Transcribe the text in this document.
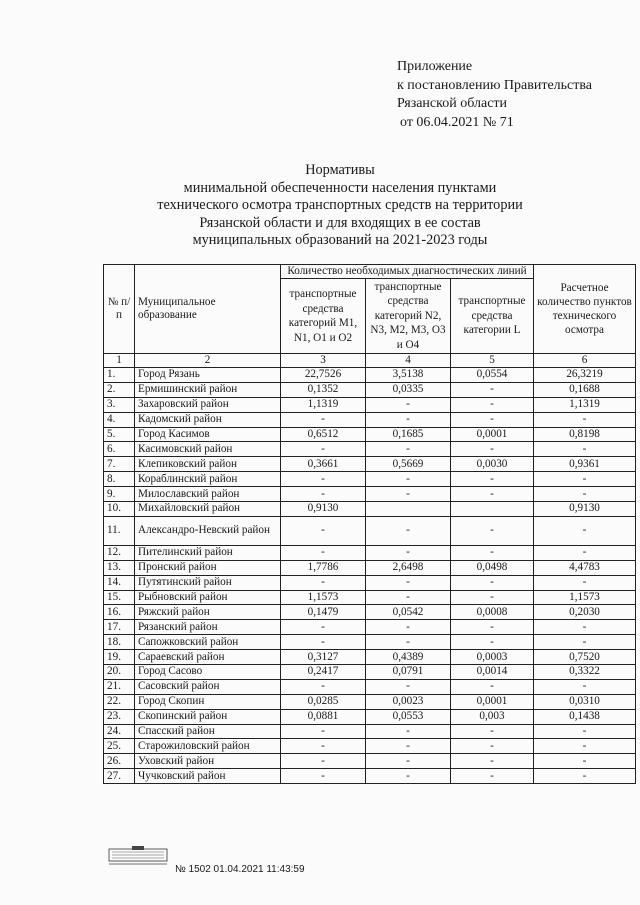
Приложение
к постановлению Правительства
Рязанской области
от 06.04.2021 № 71
Нормативы
минимальной обеспеченности населения пунктами
технического осмотра транспортных средств на территории
Рязанской области и для входящих в ее состав
муниципальных образований на 2021-2023 годы
№ п/п	Муниципальное образование	Количество необходимых диагностических линий			Расчетное количество пунктов технического осмотра
		транспортные средства категорий M1, N1, O1 и O2	транспортные средства категорий N2, N3, M2, M3, O3 и O4	транспортные средства категории L	
1	2	3	4	5	6
1.	Город Рязань	22,7526	3,5138	0,0554	26,3219
2.	Ермишинский район	0,1352	0,0335	-	0,1688
3.	Захаровский район	1,1319	-	-	1,1319
4.	Кадомский район	-	-	-	-
5.	Город Касимов	0,6512	0,1685	0,0001	0,8198
6.	Касимовский район	-	-	-	-
7.	Клепиковский район	0,3661	0,5669	0,0030	0,9361
8.	Кораблинский район	-	-	-	-
9.	Милославский район	-	-	-	-
10.	Михайловский район	0,9130			0,9130
11.	Александро-Невский район	-	-	-	-
12.	Пителинский район	-	-	-	-
13.	Пронский район	1,7786	2,6498	0,0498	4,4783
14.	Путятинский район	-	-	-	-
15.	Рыбновский район	1,1573	-	-	1,1573
16.	Ряжский район	0,1479	0,0542	0,0008	0,2030
17.	Рязанский район	-	-	-	-
18.	Сапожковский район	-	-	-	-
19.	Сараевский район	0,3127	0,4389	0,0003	0,7520
20.	Город Сасово	0,2417	0,0791	0,0014	0,3322
21.	Сасовский район	-	-	-	-
22.	Город Скопин	0,0285	0,0023	0,0001	0,0310
23.	Скопинский район	0,0881	0,0553	0,003	0,1438
24.	Спасский район	-	-	-	-
25.	Старожиловский район	-	-	-	-
26.	Уховский район	-	-	-	-
27.	Чучковский район	-	-	-	-
№ 1502 01.04.2021 11:43:59
